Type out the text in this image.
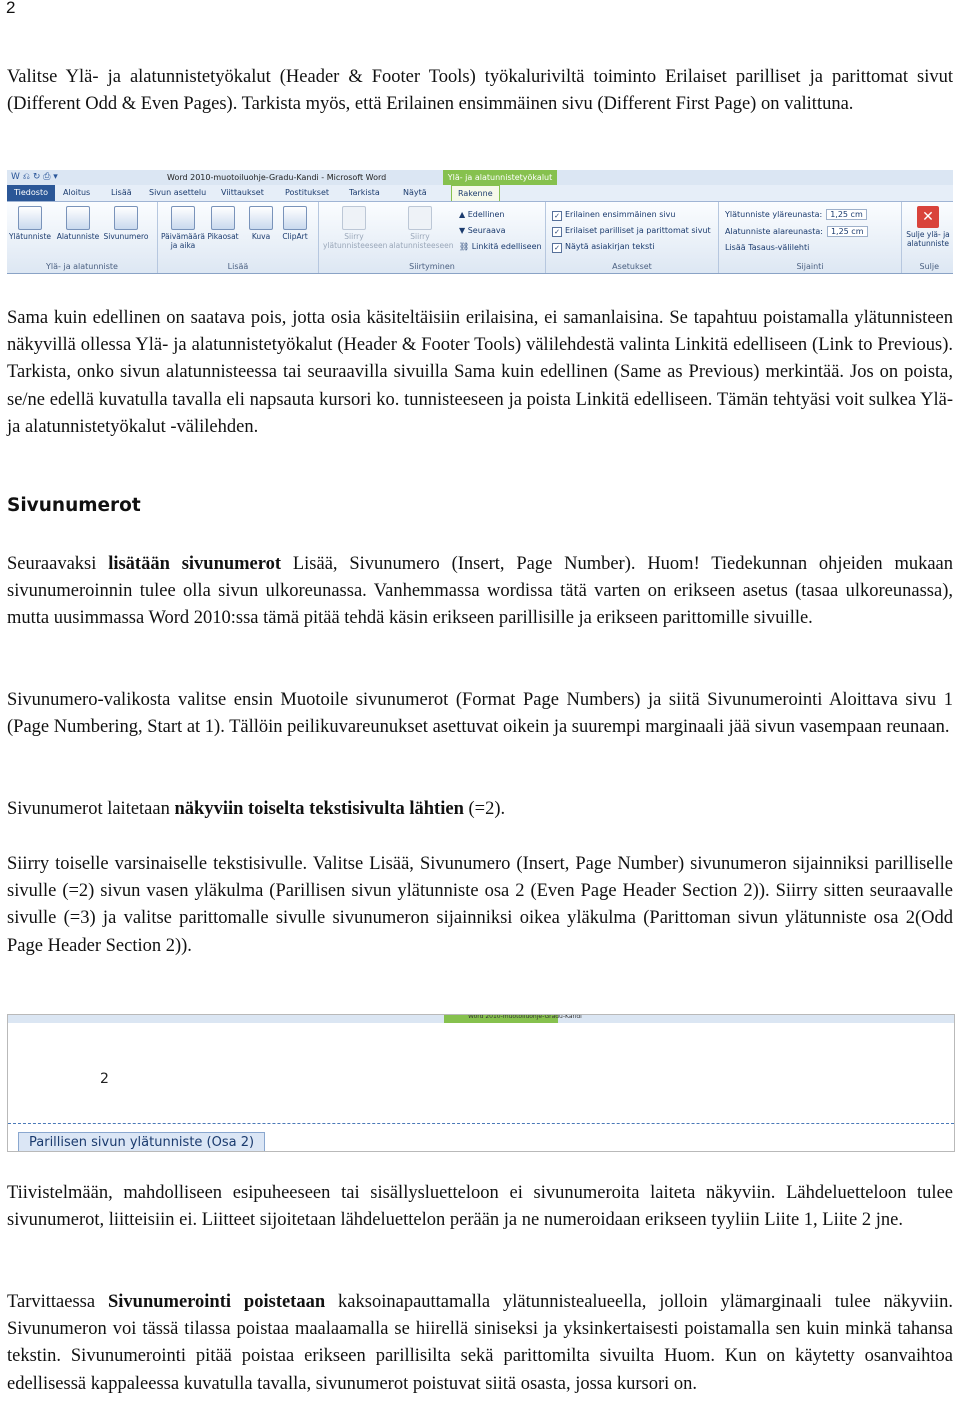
2

Valitse Ylä- ja alatunnistetyökalut (Header & Footer Tools) työkaluriviltä toiminto Erilaiset parilliset ja parittomat sivut (Different Odd & Even Pages). Tarkista myös, että Erilainen ensimmäinen sivu (Different First Page) on valittuna.

W ⎌ ↻ ⎙ ▾	Word 2010-muotoiluohje-Gradu-Kandi - Microsoft Word	Ylä- ja alatunnistetyökalut
Tiedosto	Aloitus	Lisää Sivun asettelu Viittaukset	Postitukset Tarkista	Näytä	Rakenne
Ylätunniste Alatunniste Sivunumero
Ylä- ja alatunniste
Päivämäärä ja aika
Pikaosat	Kuva	ClipArt
Lisää
Siirry ylätunnisteeseen
Siirry alatunnisteeseen
▲ Edellinen
▼ Seuraava
⛓ Linkitä edelliseen
Siirtyminen
✓ Erilainen ensimmäinen sivu
✓ Erilaiset parilliset ja parittomat sivut
✓ Näytä asiakirjan teksti
Asetukset
Ylätunniste yläreunasta: 1,25 cm
Alatunniste alareunasta: 1,25 cm
Lisää Tasaus-välilehti
Sijainti
✕
Sulje ylä- ja alatunniste
Sulje

Sama kuin edellinen on saatava pois, jotta osia käsiteltäisiin erilaisina, ei samanlaisina. Se tapahtuu poistamalla ylätunnisteen näkyvillä ollessa Ylä- ja alatunnistetyökalut (Header & Footer Tools) välilehdestä valinta Linkitä edelliseen (Link to Previous). Tarkista, onko sivun alatunnisteessa tai seuraavilla sivuilla Sama kuin edellinen (Same as Previous) merkintää. Jos on poista, se/ne edellä kuvatulla tavalla eli napsauta kursori ko. tunnisteeseen ja poista Linkitä edelliseen. Tämän tehtyäsi voit sulkea Ylä- ja alatunnistetyökalut -välilehden.

Sivunumerot

Seuraavaksi lisätään sivunumerot Lisää, Sivunumero (Insert, Page Number). Huom! Tiedekunnan ohjeiden mukaan sivunumeroinnin tulee olla sivun ulkoreunassa. Vanhemmassa wordissa tätä varten on erikseen asetus (tasaa ulkoreunassa), mutta uusimmassa Word 2010:ssa tämä pitää tehdä käsin erikseen parillisille ja erikseen parittomille sivuille.

Sivunumero-valikosta valitse ensin Muotoile sivunumerot (Format Page Numbers) ja siitä Sivunumerointi Aloittava sivu 1 (Page Numbering, Start at 1). Tällöin peilikuvareunukset asettuvat oikein ja suurempi marginaali jää sivun vasempaan reunaan.

Sivunumerot laitetaan näkyviin toiselta tekstisivulta lähtien (=2).

Siirry toiselle varsinaiselle tekstisivulle. Valitse Lisää, Sivunumero (Insert, Page Number) sivunumeron sijainniksi parilliselle sivulle (=2) sivun vasen yläkulma (Parillisen sivun ylätunniste osa 2 (Even Page Header Section 2)). Siirry sitten seuraavalle sivulle (=3) ja valitse parittomalle sivulle sivunumeron sijainniksi oikea yläkulma (Parittoman sivun ylätunniste osa 2(Odd Page Header Section 2)).

Word 2010-muotoiluohje-Gradu-Kandi
2
Parillisen sivun ylätunniste (Osa 2)

Tiivistelmään, mahdolliseen esipuheeseen tai sisällysluetteloon ei sivunumeroita laiteta näkyviin. Lähdeluetteloon tulee sivunumerot, liitteisiin ei. Liitteet sijoitetaan lähdeluettelon perään ja ne numeroidaan erikseen tyyliin Liite 1, Liite 2 jne.

Tarvittaessa Sivunumerointi poistetaan kaksoinapauttamalla ylätunnistealueella, jolloin ylämarginaali tulee näkyviin. Sivunumeron voi tässä tilassa poistaa maalaamalla se hiirellä siniseksi ja yksinkertaisesti poistamalla sen kuin minkä tahansa tekstin. Sivunumerointi pitää poistaa erikseen parillisilta sekä parittomilta sivuilta Huom. Kun on käytetty osanvaihtoa edellisessä kappaleessa kuvatulla tavalla, sivunumerot poistuvat siitä osasta, jossa kursori on.
